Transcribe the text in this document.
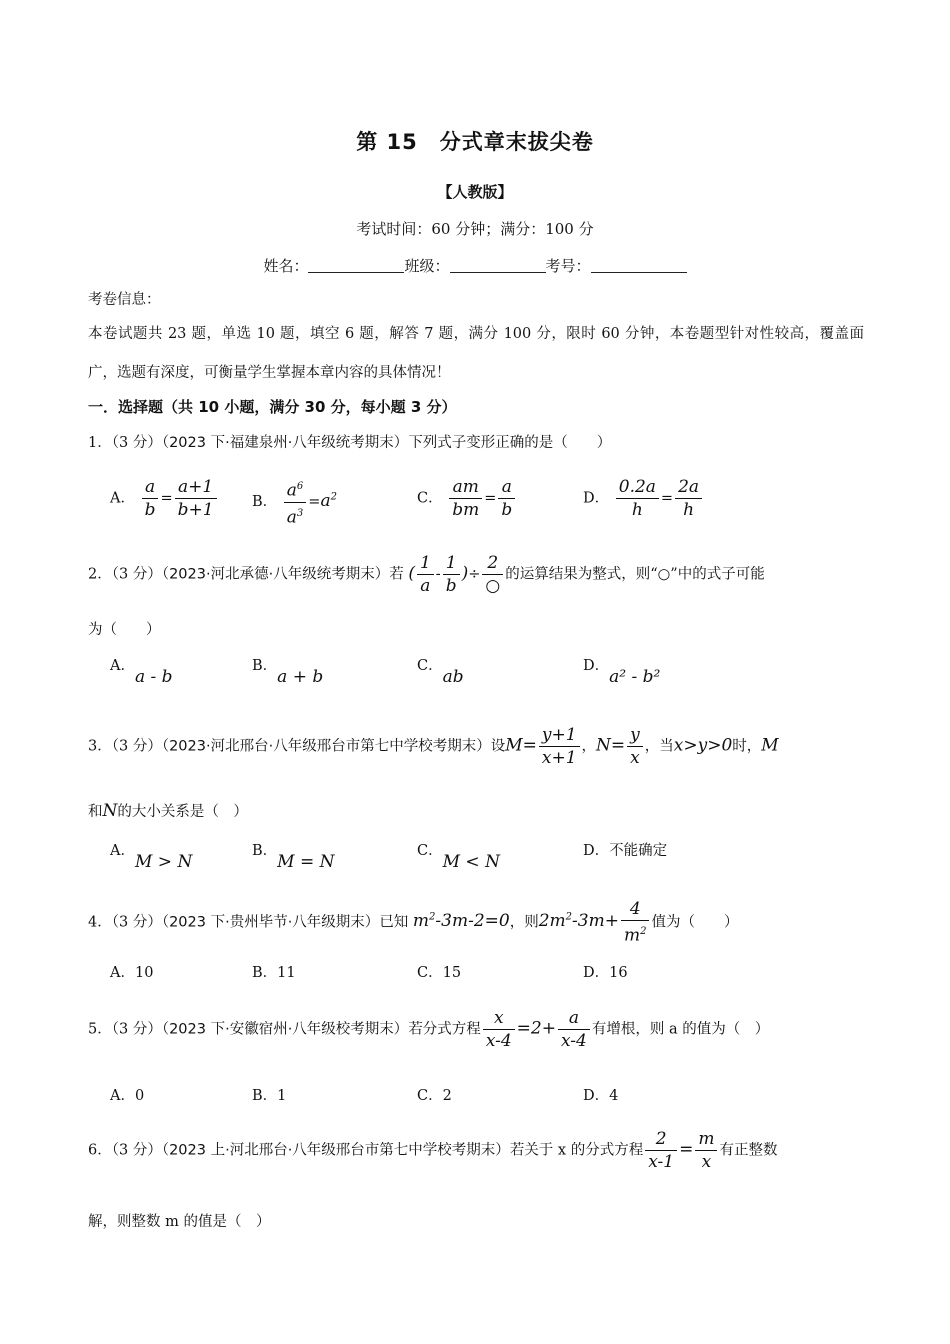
第 15　分式章末拔尖卷
【人教版】
考试时间：60 分钟；满分：100 分
姓名：	班级：	考号：
考卷信息：
本卷试题共 23 题，单选 10 题，填空 6 题，解答 7 题，满分 100 分，限时 60 分钟，本卷题型针对性较高，覆盖面广，选题有深度，可衡量学生掌握本章内容的具体情况！
一．选择题（共 10 小题，满分 30 分，每小题 3 分）
1．（3 分）（2023 下·福建泉州·八年级统考期末）下列式子变形正确的是（　　）
A． $\frac{a}{b} = \frac{a+1}{b+1}$ B． $\frac{a^6}{a^3} =a^2$	C． $\frac{am}{bm} = \frac{a}{b}$	D． $\frac{0.2a}{h} = \frac{2a}{h}$
2．（3 分）（2023·河北承德·八年级统考期末）若 ( $\frac{1}{a} - \frac{1}{b}$ )÷ $\frac{2}{○}$ 的运算结果为整式，则“○”中的式子可能
为（　　）
A．a - b
B．a + b
C．ab
D．a² - b²
3．（3 分）（2023·河北邢台·八年级邢台市第七中学校考期末）设$M= \frac{y+1}{x+1}$ ，$N= \frac{y}{x}$ ，当x>y>0时，M
和N的大小关系是（　）
A．M > N
B．M = N
C．M < N
D．不能确定
4．（3 分）（2023 下·贵州毕节·八年级期末）已知 $m^2-3m-2=0$，则$2m^2-3m+ \frac{4}{m^2}$ 值为（　　）
A．10	B．11	C．15	D．16
5．（3 分）（2023 下·安徽宿州·八年级校考期末）若分式方程 $\frac{x}{x-4} =2+ \frac{a}{x-4}$ 有增根，则 a 的值为（　）
A．0	B．1	C．2	D．4
6．（3 分）（2023 上·河北邢台·八年级邢台市第七中学校考期末）若关于 x 的分式方程 $\frac{2}{x-1} = \frac{m}{x}$ 有正整数
解，则整数 m 的值是（　）
